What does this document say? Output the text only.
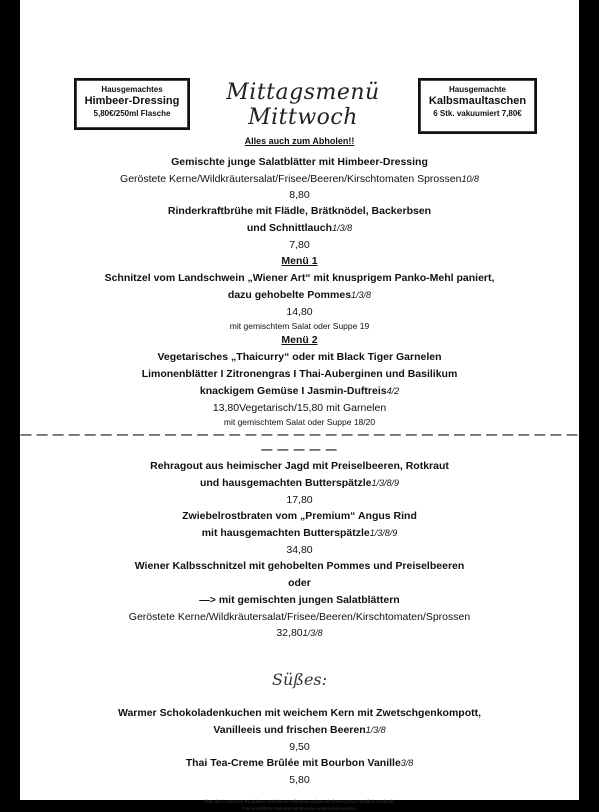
Hausgemachtes
Himbeer-Dressing
5,80€/250ml Flasche
Mittagsmenü Mittwoch
Hausgemachte
Kalbsmaultaschen
6 Stk. vakuumiert 7,80€
Alles auch zum Abholen!!
Gemischte junge Salatblätter mit Himbeer-Dressing
Geröstete Kerne/Wildkräutersalat/Frisee/Beeren/Kirschtomaten Sprossen10/8
8,80
Rinderkraftbrühe mit Flädle, Brätknödel, Backerbsen
und Schnittlauch1/3/8
7,80
Menü 1
Schnitzel vom Landschwein „Wiener Art“ mit knusprigem Panko-Mehl paniert,
dazu gehobelte Pommes1/3/8
14,80
mit gemischtem Salat oder Suppe 19
Menü 2
Vegetarisches „Thaicurry“ oder mit Black Tiger Garnelen
Limonenblätter I Zitronengras I Thai-Auberginen und Basilikum
knackigem Gemüse I Jasmin-Duftreis4/2
13,80Vegetarisch/15,80 mit Garnelen
mit gemischtem Salat oder Suppe 18/20
— — — — — — — — — — — — — — — — — — — — — — — — — — — — — — — — — — — — — — — —
Rehragout aus heimischer Jagd mit Preiselbeeren, Rotkraut
und hausgemachten Butterspätzle1/3/8/9
17,80
Zwiebelrostbraten vom „Premium“ Angus Rind
mit hausgemachten Butterspätzle1/3/8/9
34,80
Wiener Kalbsschnitzel mit gehobelten Pommes und Preiselbeeren
oder
—> mit gemischten jungen Salatblättern
Geröstete Kerne/Wildkräutersalat/Frisee/Beeren/Kirschtomaten/Sprossen
32,801/3/8
Süßes:
Warmer Schokoladenkuchen mit weichem Kern mit Zwetschgenkompott,
Vanilleeis und frischen Beeren1/3/8
9,50
Thai Tea-Creme Brûlée mit Bourbon Vanille3/8
5,80
Über die in unseren Produkten enthaltenen Allergene geben wir Ihnen gerne mündlich Auskunft.
Eine schriftliche Dokumentation kann eingesehen werden.
